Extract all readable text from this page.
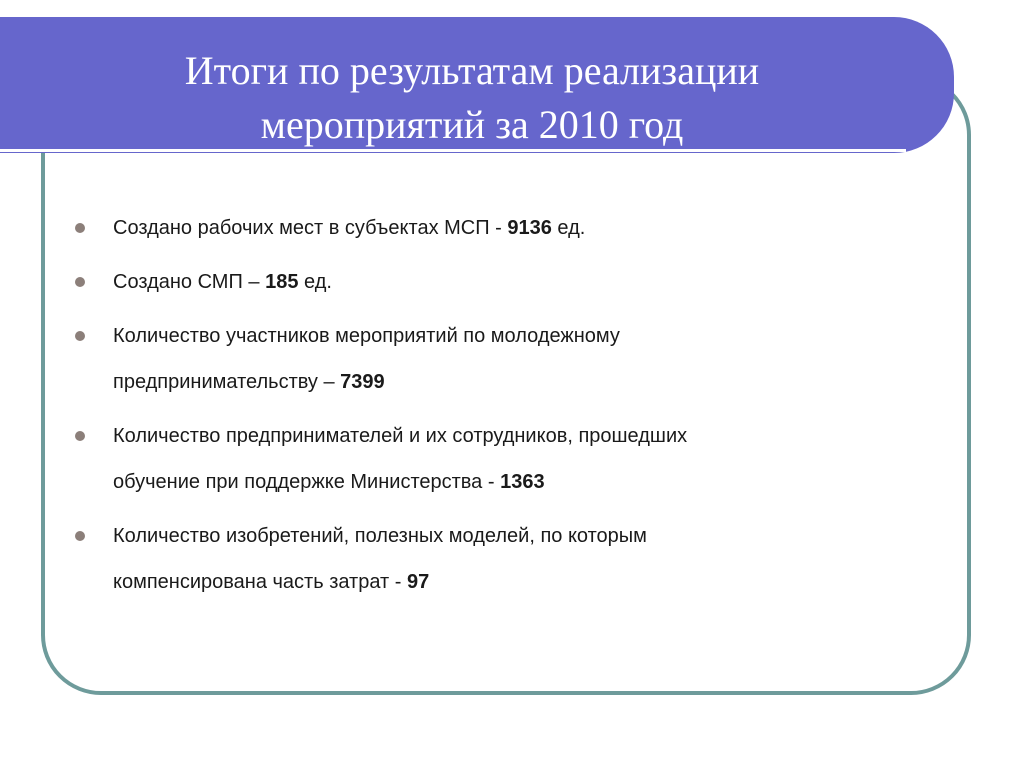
Итоги по результатам реализации
мероприятий за 2010 год
Создано рабочих мест в субъектах МСП - 9136 ед.
Создано СМП – 185 ед.
Количество участников мероприятий по молодежному
предпринимательству – 7399
Количество предпринимателей и их сотрудников, прошедших
обучение при поддержке Министерства - 1363
Количество изобретений, полезных моделей, по которым
компенсирована часть затрат - 97
